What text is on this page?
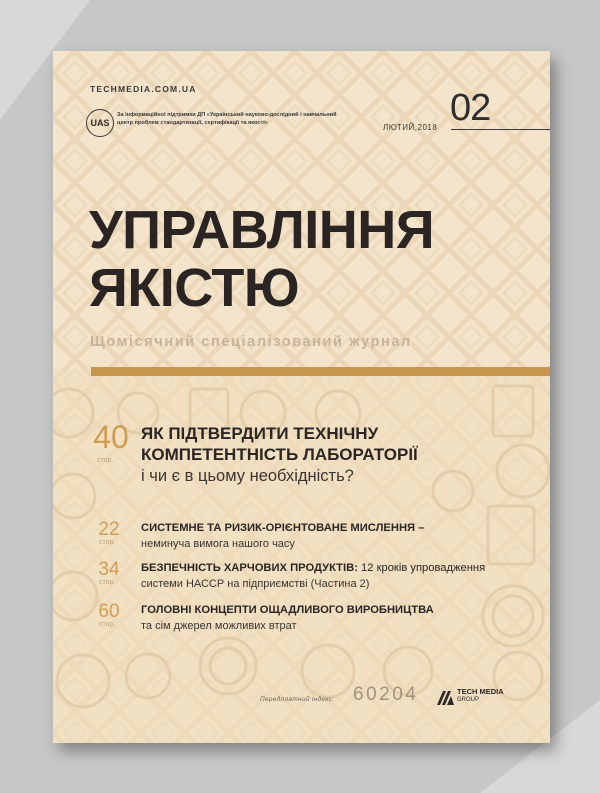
TECHMEDIA.COM.UA
UAS
За інформаційної підтримки ДП «Український науково-дослідний і навчальний центр проблем стандартизації, сертифікації та якості»	ЛЮТИЙ,2018 02
УПРАВЛІННЯ
ЯКІСТЮ
Щомісячний спеціалізований журнал
40
стор.
ЯК ПІДТВЕРДИТИ ТЕХНІЧНУ
КОМПЕТЕНТНІСТЬ ЛАБОРАТОРІЇ
і чи є в цьому необхідність?
22
стор.
СИСТЕМНЕ ТА РИЗИК-ОРІЄНТОВАНЕ МИСЛЕННЯ –
неминуча вимога нашого часу
34
стор.
БЕЗПЕЧНІСТЬ ХАРЧОВИХ ПРОДУКТІВ: 12 кроків упровадження
системи НАССР на підприємстві (Частина 2)
60
стор.
ГОЛОВНІ КОНЦЕПТИ ОЩАДЛИВОГО ВИРОБНИЦТВА
та сім джерел можливих втрат
Передплатний індекс: 60204	TECH MEDIA
GROUP
